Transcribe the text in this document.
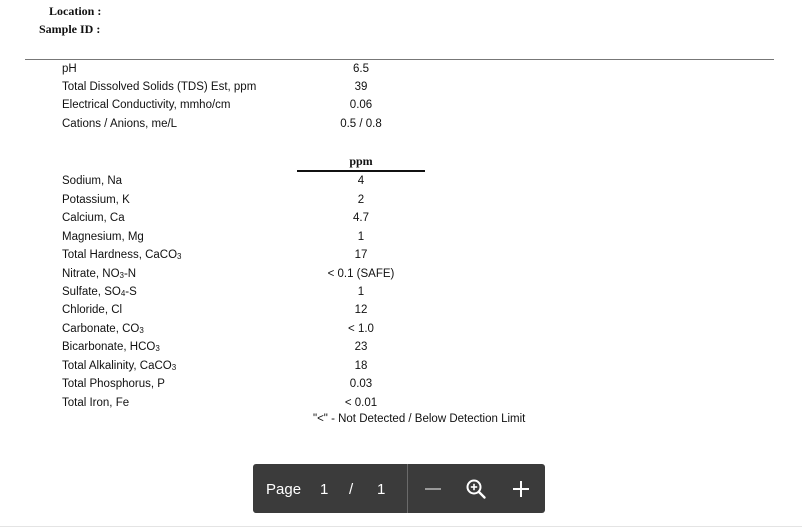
Location :
Sample ID :
pH	6.5
Total Dissolved Solids (TDS) Est, ppm	39
Electrical Conductivity, mmho/cm	0.06
Cations / Anions, me/L	0.5 / 0.8
ppm
Sodium, Na	4
Potassium, K	2
Calcium, Ca	4.7
Magnesium, Mg	1
Total Hardness, CaCO$_3$	17
Nitrate, $NO_3-N$	< 0.1 (SAFE)
Sulfate, $SO_4-S$	1
Chloride, Cl	12
Carbonate, $CO_3$	< 1.0
Bicarbonate, $HCO_3$	23
Total Alkalinity, CaCO$_3$	18
Total Phosphorus, P	0.03
Total Iron, Fe	< 0.01
"<" - Not Detected / Below Detection Limit
Page 1 / 1
